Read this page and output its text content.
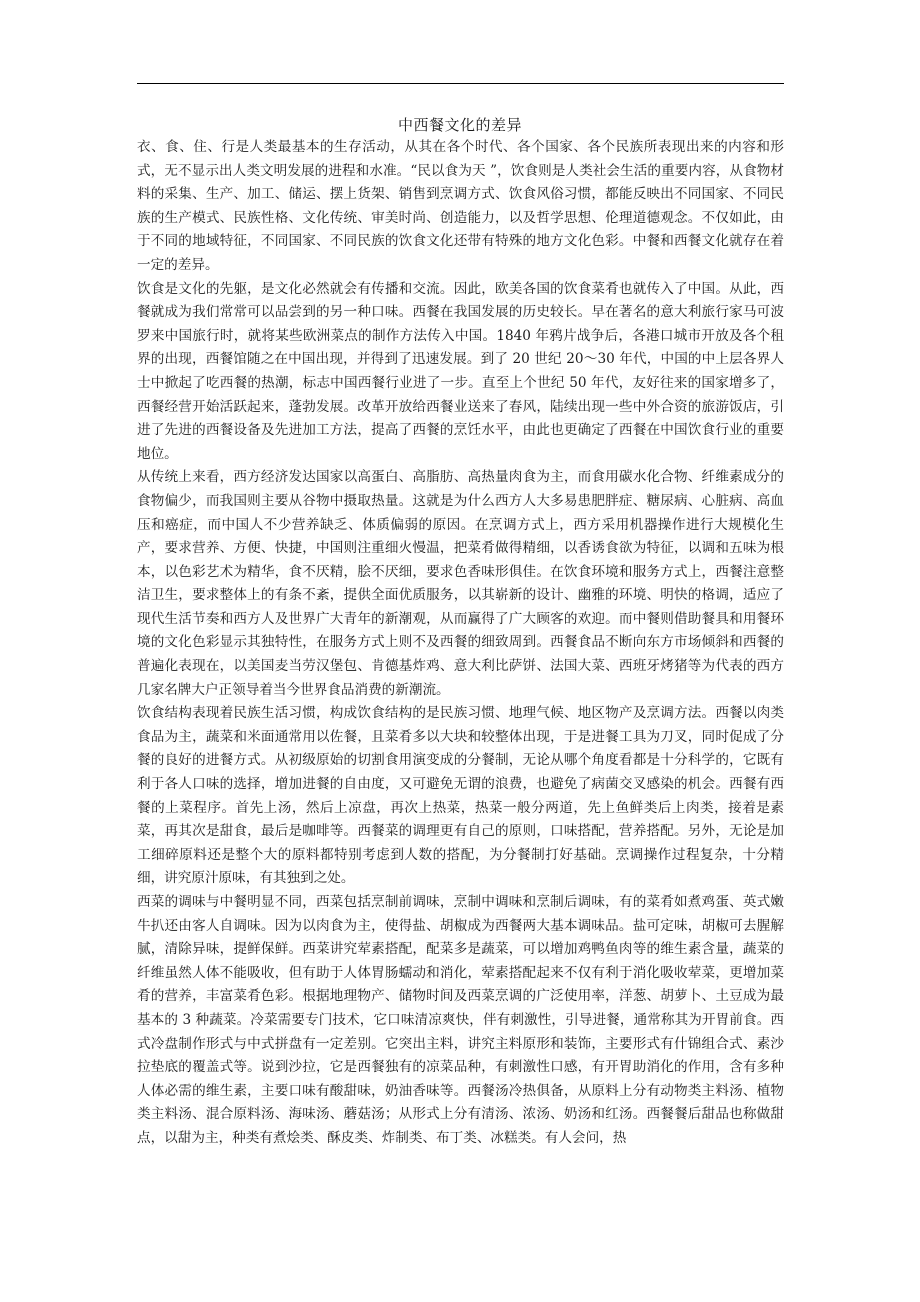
中西餐文化的差异

衣、食、住、行是人类最基本的生存活动，从其在各个时代、各个国家、各个民族所表现出来的内容和形式，无不显示出人类文明发展的进程和水准。“民以食为天 ”，饮食则是人类社会生活的重要内容，从食物材料的采集、生产、加工、储运、摆上货架、销售到烹调方式、饮食风俗习惯，都能反映出不同国家、不同民族的生产模式、民族性格、文化传统、审美时尚、创造能力，以及哲学思想、伦理道德观念。不仅如此，由于不同的地域特征，不同国家、不同民族的饮食文化还带有特殊的地方文化色彩。中餐和西餐文化就存在着一定的差异。

饮食是文化的先躯，是文化必然就会有传播和交流。因此，欧美各国的饮食菜肴也就传入了中国。从此，西餐就成为我们常常可以品尝到的另一种口味。西餐在我国发展的历史较长。早在著名的意大利旅行家马可波罗来中国旅行时，就将某些欧洲菜点的制作方法传入中国。1840 年鸦片战争后，各港口城市开放及各个租界的出现，西餐馆随之在中国出现，并得到了迅速发展。到了 20 世纪 20～30 年代，中国的中上层各界人士中掀起了吃西餐的热潮，标志中国西餐行业进了一步。直至上个世纪 50 年代，友好往来的国家增多了，西餐经营开始活跃起来，蓬勃发展。改革开放给西餐业送来了春风，陆续出现一些中外合资的旅游饭店，引进了先进的西餐设备及先进加工方法，提高了西餐的烹饪水平，由此也更确定了西餐在中国饮食行业的重要地位。

从传统上来看，西方经济发达国家以高蛋白、高脂肪、高热量肉食为主，而食用碳水化合物、纤维素成分的食物偏少，而我国则主要从谷物中摄取热量。这就是为什么西方人大多易患肥胖症、糖尿病、心脏病、高血压和癌症，而中国人不少营养缺乏、体质偏弱的原因。在烹调方式上，西方采用机器操作进行大规模化生产，要求营养、方便、快捷，中国则注重细火慢温，把菜肴做得精细，以香诱食欲为特征，以调和五味为根本，以色彩艺术为精华，食不厌精，脍不厌细，要求色香味形俱佳。在饮食环境和服务方式上，西餐注意整洁卫生，要求整体上的有条不紊，提供全面优质服务，以其崭新的设计、幽雅的环境、明快的格调，适应了现代生活节奏和西方人及世界广大青年的新潮观，从而赢得了广大顾客的欢迎。而中餐则借助餐具和用餐环境的文化色彩显示其独特性，在服务方式上则不及西餐的细致周到。西餐食品不断向东方市场倾斜和西餐的普遍化表现在，以美国麦当劳汉堡包、肯德基炸鸡、意大利比萨饼、法国大菜、西班牙烤猪等为代表的西方几家名牌大户正领导着当今世界食品消费的新潮流。

饮食结构表现着民族生活习惯，构成饮食结构的是民族习惯、地理气候、地区物产及烹调方法。西餐以肉类食品为主，蔬菜和米面通常用以佐餐，且菜肴多以大块和较整体出现，于是进餐工具为刀叉，同时促成了分餐的良好的进餐方式。从初级原始的切割食用演变成的分餐制，无论从哪个角度看都是十分科学的，它既有利于各人口味的选择，增加进餐的自由度，又可避免无谓的浪费，也避免了病菌交叉感染的机会。西餐有西餐的上菜程序。首先上汤，然后上凉盘，再次上热菜，热菜一般分两道，先上鱼鲜类后上肉类，接着是素菜，再其次是甜食，最后是咖啡等。西餐菜的调理更有自己的原则，口味搭配，营养搭配。另外，无论是加工细碎原料还是整个大的原料都特别考虑到人数的搭配，为分餐制打好基础。烹调操作过程复杂，十分精细，讲究原汁原味，有其独到之处。

西菜的调味与中餐明显不同，西菜包括烹制前调味，烹制中调味和烹制后调味，有的菜肴如煮鸡蛋、英式嫩牛扒还由客人自调味。因为以肉食为主，使得盐、胡椒成为西餐两大基本调味品。盐可定味，胡椒可去腥解腻，清除异味，提鲜保鲜。西菜讲究荤素搭配，配菜多是蔬菜，可以增加鸡鸭鱼肉等的维生素含量，蔬菜的纤维虽然人体不能吸收，但有助于人体胃肠蠕动和消化，荤素搭配起来不仅有利于消化吸收荤菜，更增加菜肴的营养，丰富菜肴色彩。根据地理物产、储物时间及西菜烹调的广泛使用率，洋葱、胡萝卜、土豆成为最基本的 3 种蔬菜。冷菜需要专门技术，它口味清凉爽快，伴有刺激性，引导进餐，通常称其为开胃前食。西式冷盘制作形式与中式拼盘有一定差别。它突出主料，讲究主料原形和装饰，主要形式有什锦组合式、素沙拉垫底的覆盖式等。说到沙拉，它是西餐独有的凉菜品种，有刺激性口感，有开胃助消化的作用，含有多种人体必需的维生素，主要口味有酸甜味，奶油香味等。西餐汤冷热俱备，从原料上分有动物类主料汤、植物类主料汤、混合原料汤、海味汤、蘑菇汤；从形式上分有清汤、浓汤、奶汤和红汤。西餐餐后甜品也称做甜点，以甜为主，种类有煮烩类、酥皮类、炸制类、布丁类、冰糕类。有人会问，热
